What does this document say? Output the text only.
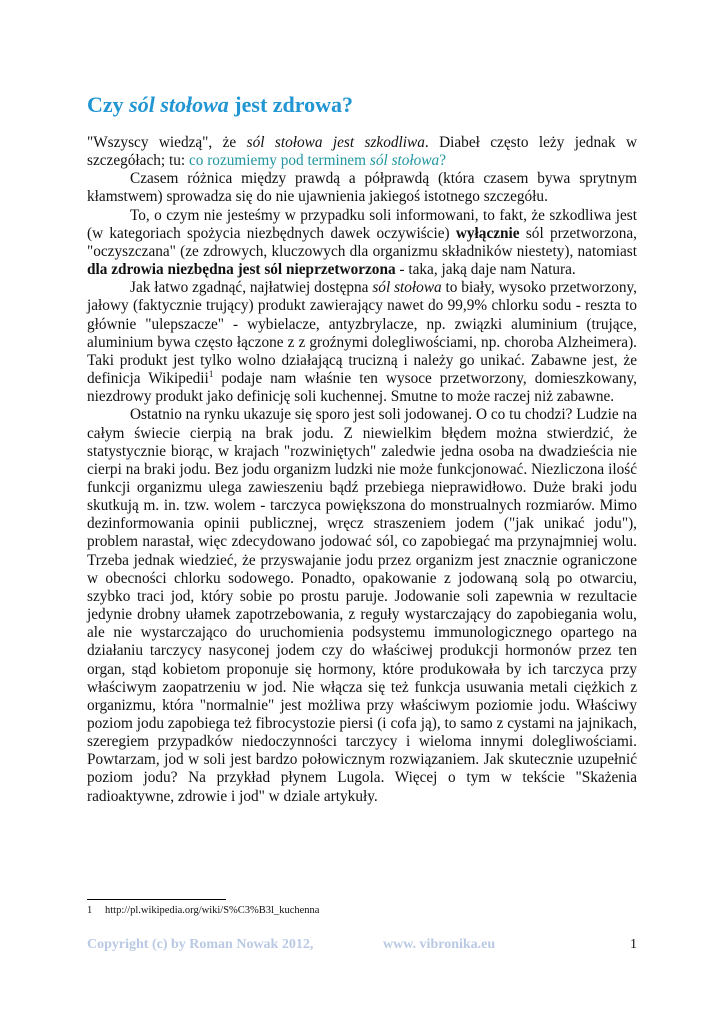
Czy sól stołowa jest zdrowa?

"Wszyscy wiedzą", że sól stołowa jest szkodliwa. Diabeł często leży jednak w szczegółach; tu: co rozumiemy pod terminem sól stołowa?

Czasem różnica między prawdą a półprawdą (która czasem bywa sprytnym kłamstwem) sprowadza się do nie ujawnienia jakiegoś istotnego szczegółu.

To, o czym nie jesteśmy w przypadku soli informowani, to fakt, że szkodliwa jest (w kategoriach spożycia niezbędnych dawek oczywiście) wyłącznie sól przetworzona, "oczyszczana" (ze zdrowych, kluczowych dla organizmu składników niestety), natomiast dla zdrowia niezbędna jest sól nieprzetworzona - taka, jaką daje nam Natura.

Jak łatwo zgadnąć, najłatwiej dostępna sól stołowa to biały, wysoko przetworzony, jałowy (faktycznie trujący) produkt zawierający nawet do 99,9% chlorku sodu - reszta to głównie "ulepszacze" - wybielacze, antyzbrylacze, np. związki aluminium (trujące, aluminium bywa często łączone z z groźnymi dolegliwościami, np. choroba Alzheimera). Taki produkt jest tylko wolno działającą trucizną i należy go unikać. Zabawne jest, że definicja Wikipedii$^1$ podaje nam właśnie ten wysoce przetworzony, domieszkowany, niezdrowy produkt jako definicję soli kuchennej. Smutne to może raczej niż zabawne.

Ostatnio na rynku ukazuje się sporo jest soli jodowanej. O co tu chodzi? Ludzie na całym świecie cierpią na brak jodu. Z niewielkim błędem można stwierdzić, że statystycznie biorąc, w krajach "rozwiniętych" zaledwie jedna osoba na dwadzieścia nie cierpi na braki jodu. Bez jodu organizm ludzki nie może funkcjonować. Niezliczona ilość funkcji organizmu ulega zawieszeniu bądź przebiega nieprawidłowo. Duże braki jodu skutkują m. in. tzw. wolem - tarczyca powiększona do monstrualnych rozmiarów. Mimo dezinformowania opinii publicznej, wręcz straszeniem jodem ("jak unikać jodu"), problem narastał, więc zdecydowano jodować sól, co zapobiegać ma przynajmniej wolu. Trzeba jednak wiedzieć, że przyswajanie jodu przez organizm jest znacznie ograniczone w obecności chlorku sodowego. Ponadto, opakowanie z jodowaną solą po otwarciu, szybko traci jod, który sobie po prostu paruje. Jodowanie soli zapewnia w rezultacie jedynie drobny ułamek zapotrzebowania, z reguły wystarczający do zapobiegania wolu, ale nie wystarczająco do uruchomienia podsystemu immunologicznego opartego na działaniu tarczycy nasyconej jodem czy do właściwej produkcji hormonów przez ten organ, stąd kobietom proponuje się hormony, które produkowała by ich tarczyca przy właściwym zaopatrzeniu w jod. Nie włącza się też funkcja usuwania metali ciężkich z organizmu, która "normalnie" jest możliwa przy właściwym poziomie jodu. Właściwy poziom jodu zapobiega też fibrocystozie piersi (i cofa ją), to samo z cystami na jajnikach, szeregiem przypadków niedoczynności tarczycy i wieloma innymi dolegliwościami. Powtarzam, jod w soli jest bardzo połowicznym rozwiązaniem. Jak skutecznie uzupełnić poziom jodu? Na przykład płynem Lugola. Więcej o tym w tekście "Skażenia radioaktywne, zdrowie i jod" w dziale artykuły.

1 http://pl.wikipedia.org/wiki/S%C3%B3l_kuchenna
Copyright (c) by Roman Nowak 2012,	www. vibronika.eu	1
